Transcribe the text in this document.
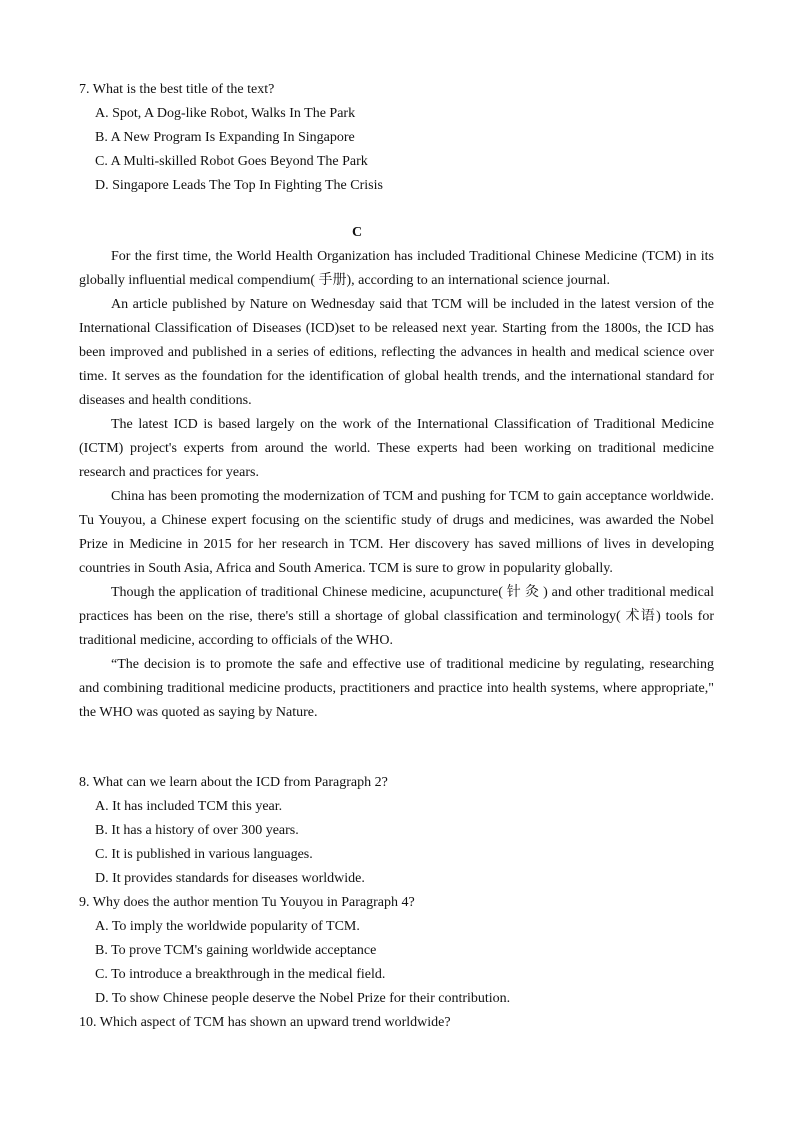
7. What is the best title of the text?
A. Spot, A Dog-like Robot, Walks In The Park
B. A New Program Is Expanding In Singapore
C. A Multi-skilled Robot Goes Beyond The Park
D. Singapore Leads The Top In Fighting The Crisis
C

For the first time, the World Health Organization has included Traditional Chinese Medicine (TCM) in its globally influential medical compendium( 手册), according to an international science journal.

An article published by Nature on Wednesday said that TCM will be included in the latest version of the International Classification of Diseases (ICD)set to be released next year. Starting from the 1800s, the ICD has been improved and published in a series of editions, reflecting the advances in health and medical science over time. It serves as the foundation for the identification of global health trends, and the international standard for diseases and health conditions.

The latest ICD is based largely on the work of the International Classification of Traditional Medicine (ICTM) project's experts from around the world. These experts had been working on traditional medicine research and practices for years.

China has been promoting the modernization of TCM and pushing for TCM to gain acceptance worldwide. Tu Youyou, a Chinese expert focusing on the scientific study of drugs and medicines, was awarded the Nobel Prize in Medicine in 2015 for her research in TCM. Her discovery has saved millions of lives in developing countries in South Asia, Africa and South America. TCM is sure to grow in popularity globally.

Though the application of traditional Chinese medicine, acupuncture( 针 灸 ) and other traditional medical practices has been on the rise, there's still a shortage of global classification and terminology( 术语) tools for traditional medicine, according to officials of the WHO.

“The decision is to promote the safe and effective use of traditional medicine by regulating, researching and combining traditional medicine products, practitioners and practice into health systems, where appropriate," the WHO was quoted as saying by Nature.

8. What can we learn about the ICD from Paragraph 2?
A. It has included TCM this year.
B. It has a history of over 300 years.
C. It is published in various languages.
D. It provides standards for diseases worldwide.
9. Why does the author mention Tu Youyou in Paragraph 4?
A. To imply the worldwide popularity of TCM.
B. To prove TCM's gaining worldwide acceptance
C. To introduce a breakthrough in the medical field.
D. To show Chinese people deserve the Nobel Prize for their contribution.
10. Which aspect of TCM has shown an upward trend worldwide?
